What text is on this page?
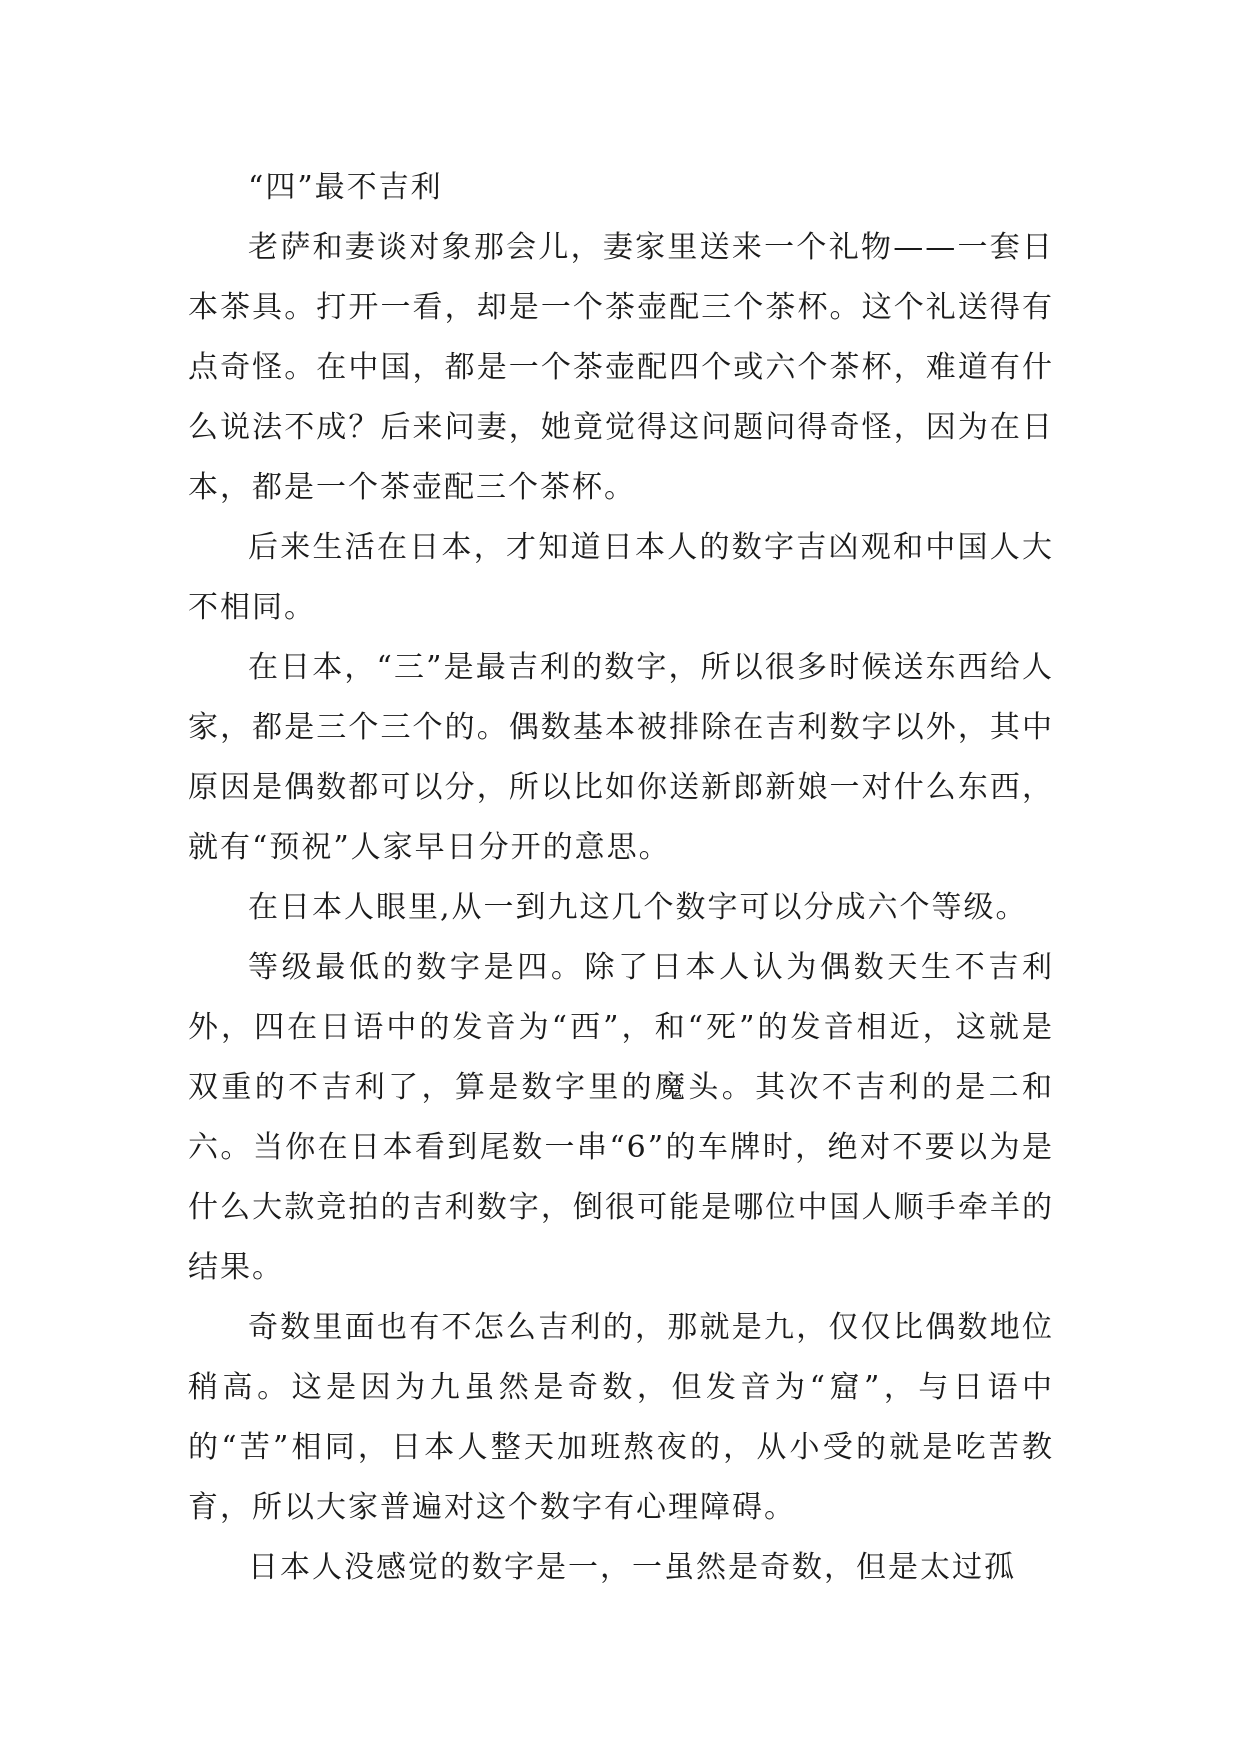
“四”最不吉利

老萨和妻谈对象那会儿，妻家里送来一个礼物——一套日本茶具。打开一看，却是一个茶壶配三个茶杯。这个礼送得有点奇怪。在中国，都是一个茶壶配四个或六个茶杯，难道有什么说法不成？后来问妻，她竟觉得这问题问得奇怪，因为在日本，都是一个茶壶配三个茶杯。

后来生活在日本，才知道日本人的数字吉凶观和中国人大不相同。

在日本，“三”是最吉利的数字，所以很多时候送东西给人家，都是三个三个的。偶数基本被排除在吉利数字以外，其中原因是偶数都可以分，所以比如你送新郎新娘一对什么东西，就有“预祝”人家早日分开的意思。

在日本人眼里,从一到九这几个数字可以分成六个等级。

等级最低的数字是四。除了日本人认为偶数天生不吉利外，四在日语中的发音为“西”，和“死”的发音相近，这就是双重的不吉利了，算是数字里的魔头。其次不吉利的是二和六。当你在日本看到尾数一串“6”的车牌时，绝对不要以为是什么大款竞拍的吉利数字，倒很可能是哪位中国人顺手牵羊的结果。

奇数里面也有不怎么吉利的，那就是九，仅仅比偶数地位稍高。这是因为九虽然是奇数，但发音为“窟”，与日语中的“苦”相同，日本人整天加班熬夜的，从小受的就是吃苦教育，所以大家普遍对这个数字有心理障碍。

日本人没感觉的数字是一，一虽然是奇数，但是太过孤
